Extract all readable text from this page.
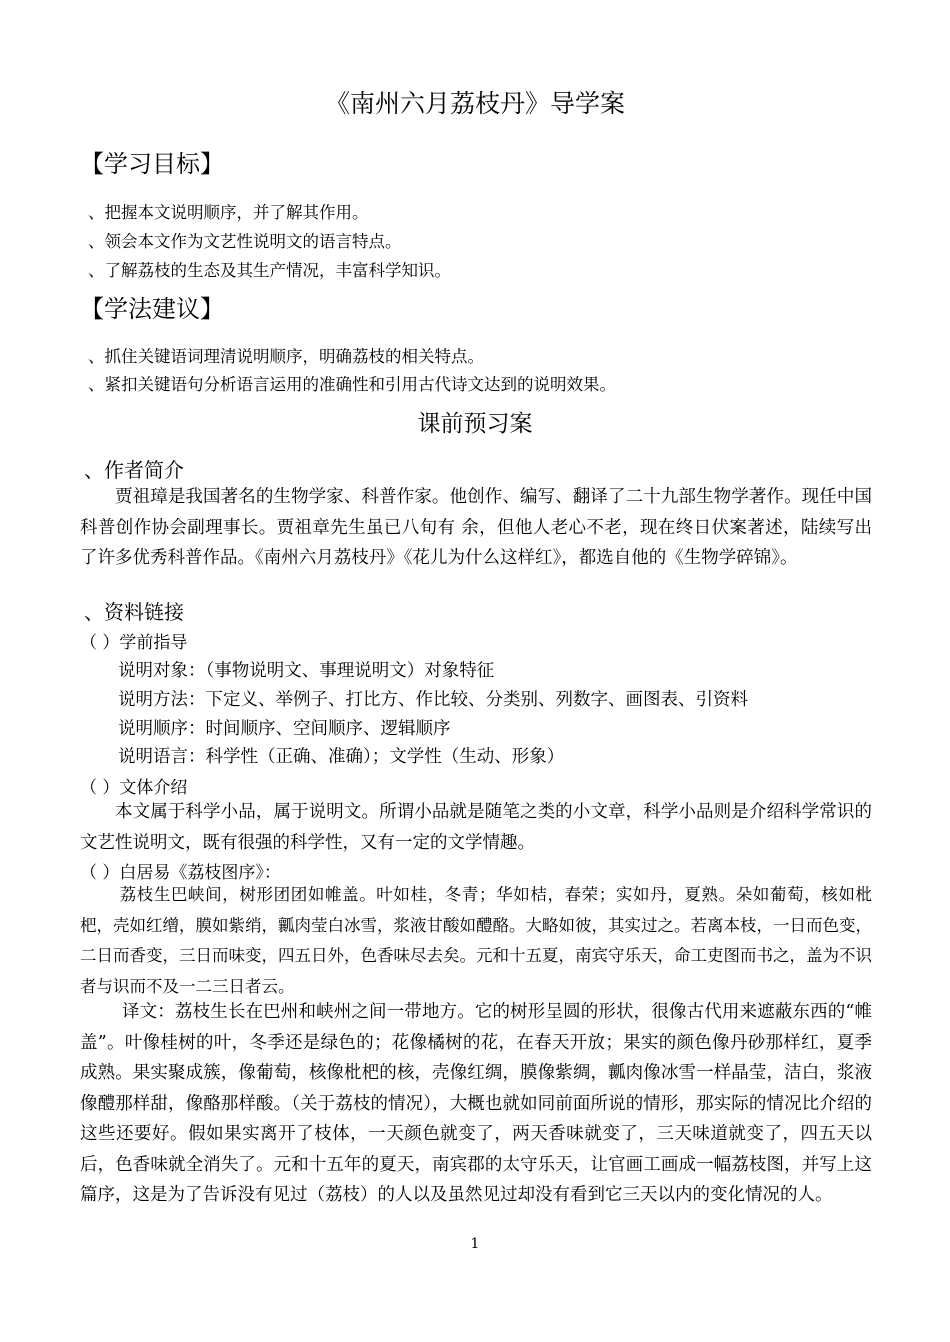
《南州六月荔枝丹》导学案
【学习目标】
、把握本文说明顺序，并了解其作用。
、领会本文作为文艺性说明文的语言特点。
、了解荔枝的生态及其生产情况，丰富科学知识。
【学法建议】
、抓住关键语词理清说明顺序，明确荔枝的相关特点。
、紧扣关键语句分析语言运用的准确性和引用古代诗文达到的说明效果。
课前预习案
、作者简介
贾祖璋是我国著名的生物学家、科普作家。他创作、编写、翻译了二十九部生物学著作。现任中国科普创作协会副理事长。贾祖章先生虽已八旬有 余，但他人老心不老，现在终日伏案著述，陆续写出了许多优秀科普作品。《南州六月荔枝丹》《花儿为什么这样红》，都选自他的《生物学碎锦》。
、资料链接
（ ）学前指导
说明对象：（事物说明文、事理说明文）对象特征
说明方法：下定义、举例子、打比方、作比较、分类别、列数字、画图表、引资料
说明顺序：时间顺序、空间顺序、逻辑顺序
说明语言：科学性（正确、准确）；文学性（生动、形象）
（ ）文体介绍
本文属于科学小品，属于说明文。所谓小品就是随笔之类的小文章，科学小品则是介绍科学常识的文艺性说明文，既有很强的科学性，又有一定的文学情趣。
（ ）白居易《荔枝图序》：
荔枝生巴峡间，树形团团如帷盖。叶如桂，冬青；华如桔，春荣；实如丹，夏熟。朵如葡萄，核如枇杷，壳如红缯，膜如紫绡，瓤肉莹白冰雪，浆液甘酸如醴酪。大略如彼，其实过之。若离本枝，一日而色变，二日而香变，三日而味变，四五日外，色香味尽去矣。元和十五夏，南宾守乐天，命工吏图而书之，盖为不识者与识而不及一二三日者云。
译文：荔枝生长在巴州和峡州之间一带地方。它的树形呈圆的形状，很像古代用来遮蔽东西的“帷盖”。叶像桂树的叶，冬季还是绿色的；花像橘树的花，在春天开放；果实的颜色像丹砂那样红，夏季成熟。果实聚成簇，像葡萄，核像枇杷的核，壳像红绸，膜像紫绸，瓤肉像冰雪一样晶莹，洁白，浆液像醴那样甜，像酪那样酸。（关于荔枝的情况），大概也就如同前面所说的情形，那实际的情况比介绍的这些还要好。假如果实离开了枝体，一天颜色就变了，两天香味就变了，三天味道就变了，四五天以后，色香味就全消失了。元和十五年的夏天，南宾郡的太守乐天，让官画工画成一幅荔枝图，并写上这篇序，这是为了告诉没有见过（荔枝）的人以及虽然见过却没有看到它三天以内的变化情况的人。
1
